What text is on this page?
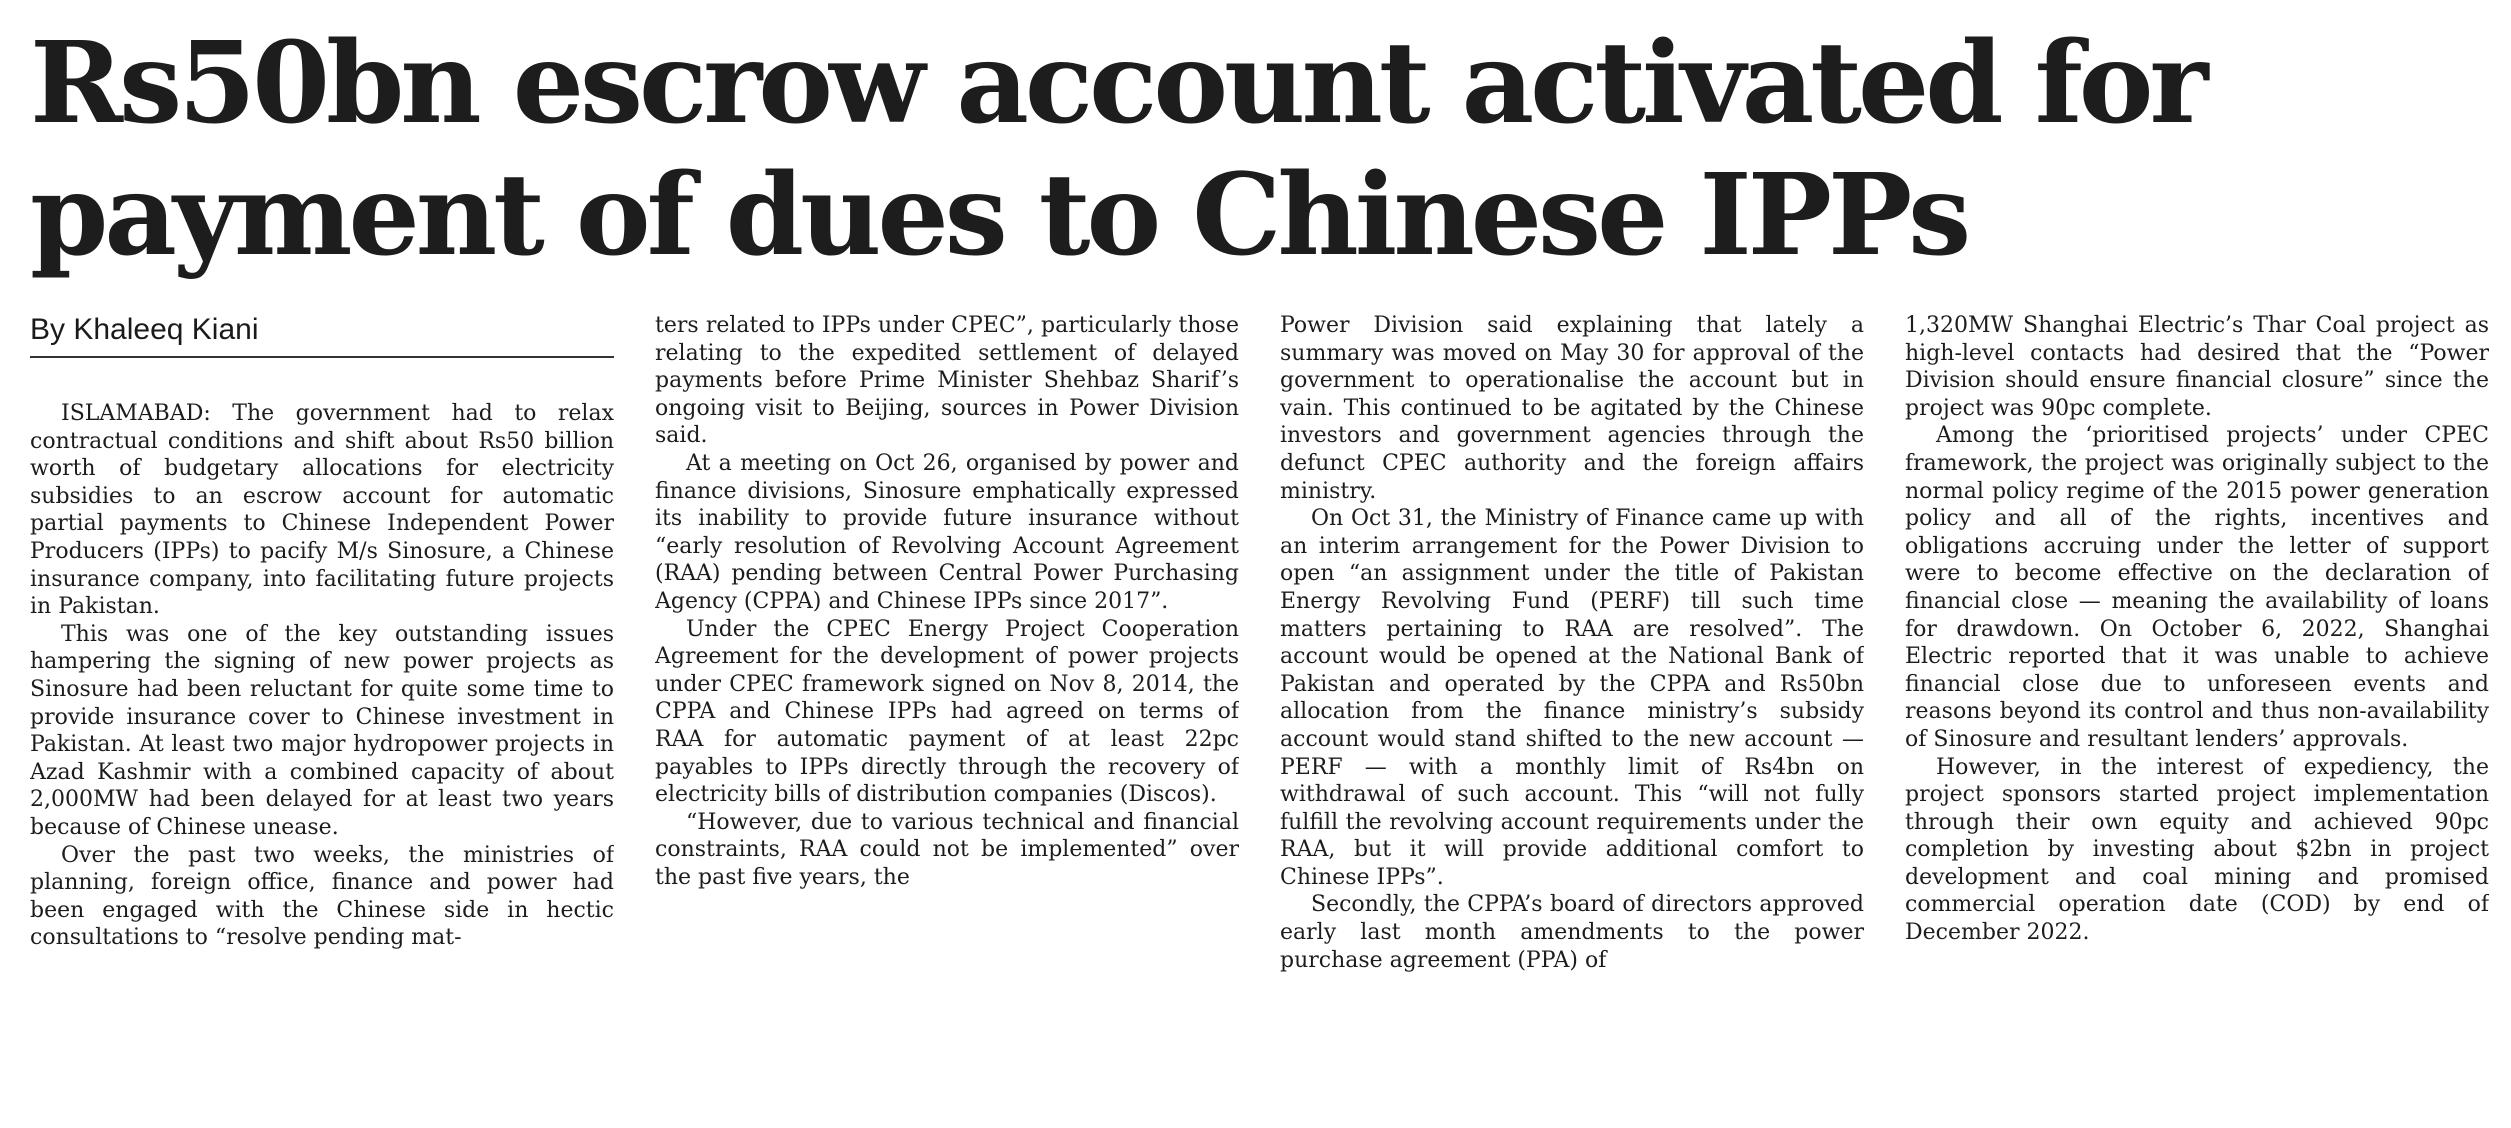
Rs50bn escrow account activated for payment of dues to Chinese IPPs
By Khaleeq Kiani

ISLAMABAD: The government had to relax contractual conditions and shift about Rs50 billion worth of budgetary allocations for electricity subsidies to an escrow account for automatic partial payments to Chinese Independent Power Producers (IPPs) to pacify M/s Sinosure, a Chinese insurance company, into facilitating future projects in Pakistan.

This was one of the key outstanding issues hampering the signing of new power projects as Sinosure had been reluctant for quite some time to provide insurance cover to Chinese investment in Pakistan. At least two major hydropower projects in Azad Kashmir with a combined capacity of about 2,000MW had been delayed for at least two years because of Chinese unease.

Over the past two weeks, the ministries of planning, foreign office, finance and power had been engaged with the Chinese side in hectic consultations to “resolve pending mat-

ters related to IPPs under CPEC”, particularly those relating to the expedited settlement of delayed payments before Prime Minister Shehbaz Sharif’s ongoing visit to Beijing, sources in Power Division said.

At a meeting on Oct 26, organised by power and finance divisions, Sinosure emphatically expressed its inability to provide future insurance without “early resolution of Revolving Account Agreement (RAA) pending between Central Power Purchasing Agency (CPPA) and Chinese IPPs since 2017”.

Under the CPEC Energy Project Cooperation Agreement for the development of power projects under CPEC framework signed on Nov 8, 2014, the CPPA and Chinese IPPs had agreed on terms of RAA for automatic payment of at least 22pc payables to IPPs directly through the recovery of electricity bills of distribution companies (Discos).

“However, due to various technical and financial constraints, RAA could not be implemented” over the past five years, the

Power Division said explaining that lately a summary was moved on May 30 for approval of the government to operationalise the account but in vain. This continued to be agitated by the Chinese investors and government agencies through the defunct CPEC authority and the foreign affairs ministry.

On Oct 31, the Ministry of Finance came up with an interim arrangement for the Power Division to open “an assignment under the title of Pakistan Energy Revolving Fund (PERF) till such time matters pertaining to RAA are resolved”. The account would be opened at the National Bank of Pakistan and operated by the CPPA and Rs50bn allocation from the finance ministry’s subsidy account would stand shifted to the new account — PERF — with a monthly limit of Rs4bn on withdrawal of such account. This “will not fully fulfill the revolving account requirements under the RAA, but it will provide additional comfort to Chinese IPPs”.

Secondly, the CPPA’s board of directors approved early last month amendments to the power purchase agreement (PPA) of

1,320MW Shanghai Electric’s Thar Coal project as high-level contacts had desired that the “Power Division should ensure financial closure” since the project was 90pc complete.

Among the ‘prioritised projects’ under CPEC framework, the project was originally subject to the normal policy regime of the 2015 power generation policy and all of the rights, incentives and obligations accruing under the letter of support were to become effective on the declaration of financial close — meaning the availability of loans for drawdown. On October 6, 2022, Shanghai Electric reported that it was unable to achieve financial close due to unforeseen events and reasons beyond its control and thus non-availability of Sinosure and resultant lenders’ approvals.

However, in the interest of expediency, the project sponsors started project implementation through their own equity and achieved 90pc completion by investing about $2bn in project development and coal mining and promised commercial operation date (COD) by end of December 2022.
